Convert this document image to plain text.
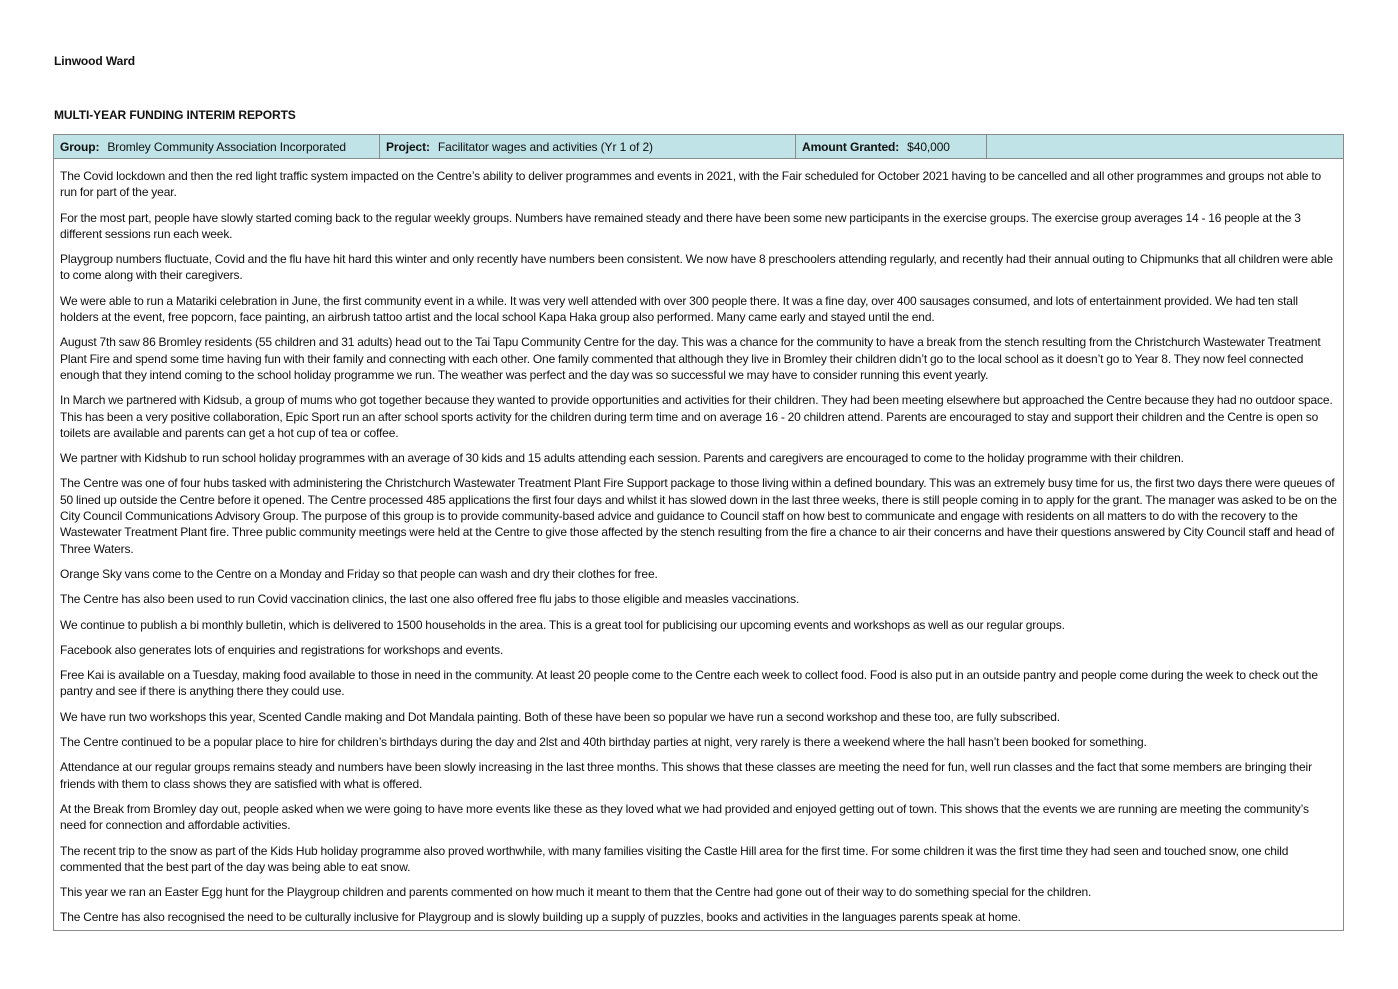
Linwood Ward
MULTI-YEAR FUNDING INTERIM REPORTS
Group: Bromley Community Association Incorporated	Project: Facilitator wages and activities (Yr 1 of 2)	Amount Granted: $40,000

The Covid lockdown and then the red light traffic system impacted on the Centre’s ability to deliver programmes and events in 2021, with the Fair scheduled for October 2021 having to be cancelled and all other programmes and groups not able to run for part of the year.

For the most part, people have slowly started coming back to the regular weekly groups. Numbers have remained steady and there have been some new participants in the exercise groups. The exercise group averages 14 - 16 people at the 3 different sessions run each week.

Playgroup numbers fluctuate, Covid and the flu have hit hard this winter and only recently have numbers been consistent. We now have 8 preschoolers attending regularly, and recently had their annual outing to Chipmunks that all children were able to come along with their caregivers.

We were able to run a Matariki celebration in June, the first community event in a while. It was very well attended with over 300 people there. It was a fine day, over 400 sausages consumed, and lots of entertainment provided. We had ten stall holders at the event, free popcorn, face painting, an airbrush tattoo artist and the local school Kapa Haka group also performed. Many came early and stayed until the end.

August 7th saw 86 Bromley residents (55 children and 31 adults) head out to the Tai Tapu Community Centre for the day. This was a chance for the community to have a break from the stench resulting from the Christchurch Wastewater Treatment Plant Fire and spend some time having fun with their family and connecting with each other. One family commented that although they live in Bromley their children didn’t go to the local school as it doesn’t go to Year 8. They now feel connected enough that they intend coming to the school holiday programme we run. The weather was perfect and the day was so successful we may have to consider running this event yearly.

In March we partnered with Kidsub, a group of mums who got together because they wanted to provide opportunities and activities for their children. They had been meeting elsewhere but approached the Centre because they had no outdoor space. This has been a very positive collaboration, Epic Sport run an after school sports activity for the children during term time and on average 16 - 20 children attend. Parents are encouraged to stay and support their children and the Centre is open so toilets are available and parents can get a hot cup of tea or coffee.

We partner with Kidshub to run school holiday programmes with an average of 30 kids and 15 adults attending each session. Parents and caregivers are encouraged to come to the holiday programme with their children.

The Centre was one of four hubs tasked with administering the Christchurch Wastewater Treatment Plant Fire Support package to those living within a defined boundary. This was an extremely busy time for us, the first two days there were queues of 50 lined up outside the Centre before it opened. The Centre processed 485 applications the first four days and whilst it has slowed down in the last three weeks, there is still people coming in to apply for the grant. The manager was asked to be on the City Council Communications Advisory Group. The purpose of this group is to provide community-based advice and guidance to Council staff on how best to communicate and engage with residents on all matters to do with the recovery to the Wastewater Treatment Plant fire. Three public community meetings were held at the Centre to give those affected by the stench resulting from the fire a chance to air their concerns and have their questions answered by City Council staff and head of Three Waters.

Orange Sky vans come to the Centre on a Monday and Friday so that people can wash and dry their clothes for free.

The Centre has also been used to run Covid vaccination clinics, the last one also offered free flu jabs to those eligible and measles vaccinations.

We continue to publish a bi monthly bulletin, which is delivered to 1500 households in the area. This is a great tool for publicising our upcoming events and workshops as well as our regular groups.

Facebook also generates lots of enquiries and registrations for workshops and events.

Free Kai is available on a Tuesday, making food available to those in need in the community. At least 20 people come to the Centre each week to collect food. Food is also put in an outside pantry and people come during the week to check out the pantry and see if there is anything there they could use.

We have run two workshops this year, Scented Candle making and Dot Mandala painting. Both of these have been so popular we have run a second workshop and these too, are fully subscribed.

The Centre continued to be a popular place to hire for children’s birthdays during the day and 2lst and 40th birthday parties at night, very rarely is there a weekend where the hall hasn’t been booked for something.

Attendance at our regular groups remains steady and numbers have been slowly increasing in the last three months. This shows that these classes are meeting the need for fun, well run classes and the fact that some members are bringing their friends with them to class shows they are satisfied with what is offered.

At the Break from Bromley day out, people asked when we were going to have more events like these as they loved what we had provided and enjoyed getting out of town. This shows that the events we are running are meeting the community’s need for connection and affordable activities.

The recent trip to the snow as part of the Kids Hub holiday programme also proved worthwhile, with many families visiting the Castle Hill area for the first time. For some children it was the first time they had seen and touched snow, one child commented that the best part of the day was being able to eat snow.

This year we ran an Easter Egg hunt for the Playgroup children and parents commented on how much it meant to them that the Centre had gone out of their way to do something special for the children.

The Centre has also recognised the need to be culturally inclusive for Playgroup and is slowly building up a supply of puzzles, books and activities in the languages parents speak at home.
